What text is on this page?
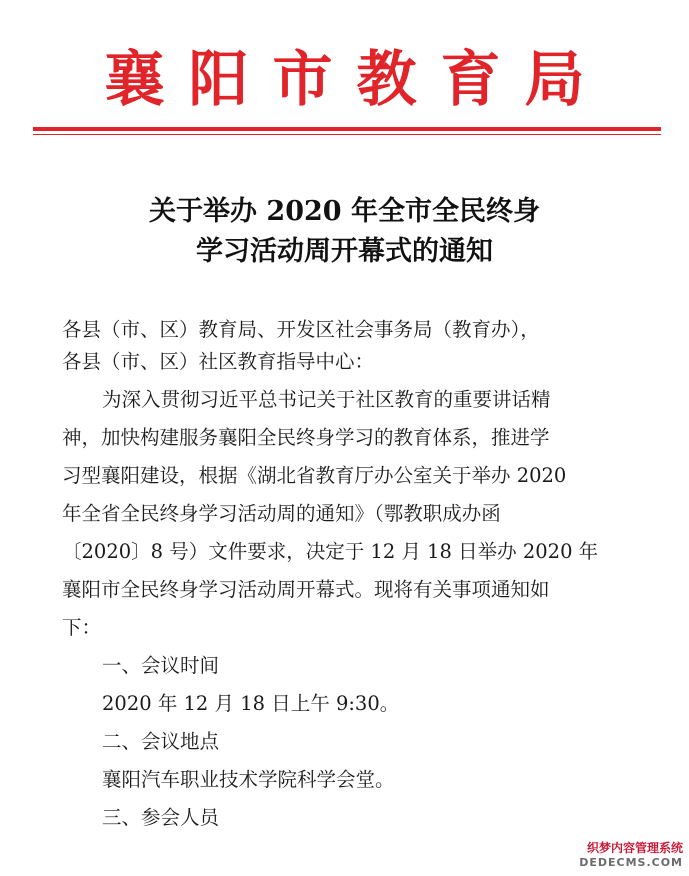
襄阳市教育局
关于举办 2020 年全市全民终身
学习活动周开幕式的通知
各县（市、区）教育局、开发区社会事务局（教育办），
各县（市、区）社区教育指导中心：
为深入贯彻习近平总书记关于社区教育的重要讲话精
神，加快构建服务襄阳全民终身学习的教育体系，推进学
习型襄阳建设，根据《湖北省教育厅办公室关于举办 2020
年全省全民终身学习活动周的通知》（鄂教职成办函
〔2020〕8 号）文件要求，决定于 12 月 18 日举办 2020 年
襄阳市全民终身学习活动周开幕式。现将有关事项通知如
下：
一、会议时间
2020 年 12 月 18 日上午 9:30。
二、会议地点
襄阳汽车职业技术学院科学会堂。
三、参会人员
织梦内容管理系统
DEDECMS.COM
